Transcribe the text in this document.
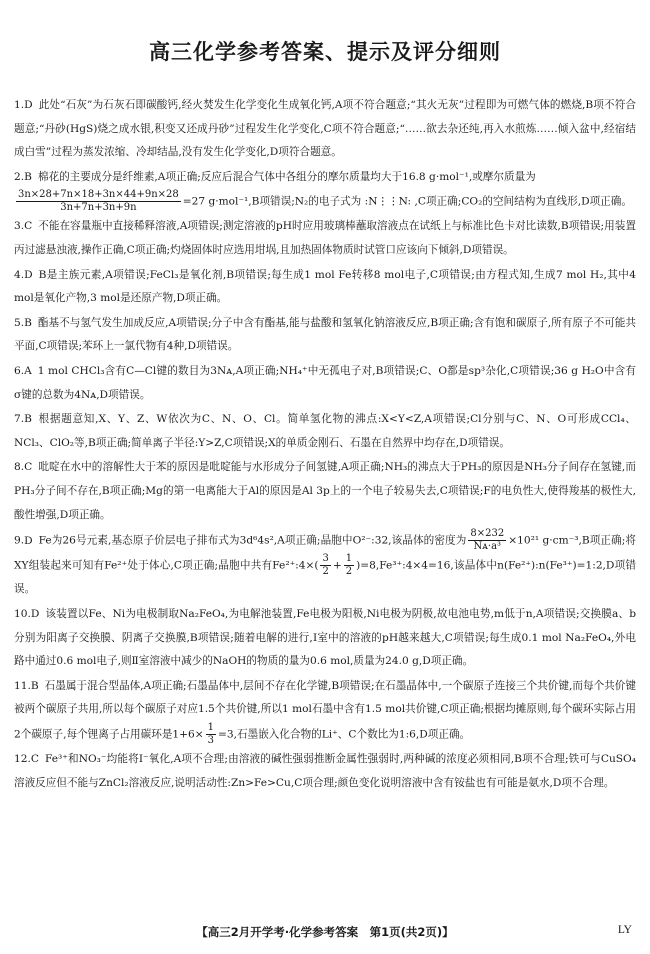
高三化学参考答案、提示及评分细则
1.D 此处“石灰”为石灰石即碳酸钙,经火焚发生化学变化生成氧化钙,A项不符合题意;“其火无灰”过程即为可燃气体的燃烧,B项不符合题意;“丹砂(HgS)烧之成水银,积变又还成丹砂”过程发生化学变化,C项不符合题意;“……欲去杂还纯,再入水煎炼……倾入盆中,经宿结成白雪”过程为蒸发浓缩、冷却结晶,没有发生化学变化,D项符合题意。
2.B 棉花的主要成分是纤维素,A项正确;反应后混合气体中各组分的摩尔质量均大于16.8 g·mol⁻¹,或摩尔质量为

$\frac{3n\times 28+7n\times 18+3n\times 44+9n\times 28}{3n+7n+3n+9n} =27$ g·mol⁻¹,B项错误;N₂的电子式为 :N⋮⋮N: ,C项正确;CO₂的空间结构为直线形,D项正确。
3.C 不能在容量瓶中直接稀释溶液,A项错误;测定溶液的pH时应用玻璃棒蘸取溶液点在试纸上与标准比色卡对比读数,B项错误;用装置丙过滤悬浊液,操作正确,C项正确;灼烧固体时应选用坩埚,且加热固体物质时试管口应该向下倾斜,D项错误。
4.D B是主族元素,A项错误;FeCl₃是氧化剂,B项错误;每生成1 mol Fe转移8 mol电子,C项错误;由方程式知,生成7 mol H₂,其中4 mol是氧化产物,3 mol是还原产物,D项正确。
5.B 酯基不与氢气发生加成反应,A项错误;分子中含有酯基,能与盐酸和氢氧化钠溶液反应,B项正确;含有饱和碳原子,所有原子不可能共平面,C项错误;苯环上一氯代物有4种,D项错误。
6.A 1 mol CHCl₃含有C—Cl键的数目为3Nᴀ,A项正确;NH₄⁺中无孤电子对,B项错误;C、O都是sp³杂化,C项错误;36 g H₂O中含有σ键的总数为4Nᴀ,D项错误。
7.B 根据题意知,X、Y、Z、W依次为C、N、O、Cl。简单氢化物的沸点:X<Y<Z,A项错误;Cl分别与C、N、O可形成CCl₄、NCl₃、ClO₂等,B项正确;简单离子半径:Y>Z,C项错误;X的单质金刚石、石墨在自然界中均存在,D项错误。
8.C 吡啶在水中的溶解性大于苯的原因是吡啶能与水形成分子间氢键,A项正确;NH₃的沸点大于PH₃的原因是NH₃分子间存在氢键,而PH₃分子间不存在,B项正确;Mg的第一电离能大于Al的原因是Al 3p上的一个电子较易失去,C项错误;F的电负性大,使得羧基的极性大,酸性增强,D项正确。
9.D Fe为26号元素,基态原子价层电子排布式为3d⁶4s²,A项正确;晶胞中O²⁻:32,该晶体的密度为 $\frac{8\times 232}{\text{Nᴀ·a³}} \times 10^{21}$ g·cm⁻³,B项正确;将XY组装起来可知有Fe²⁺处于体心,C项正确;晶胞中共有Fe²⁺:4×( $\frac{3}{2} + \frac{1}{2}$ )=8,Fe³⁺:4×4=16,该晶体中n(Fe²⁺):n(Fe³⁺)=1:2,D项错误。
10.D 该装置以Fe、Ni为电极制取Na₂FeO₄,为电解池装置,Fe电极为阳极,Ni电极为阴极,故电池电势,m低于n,A项错误;交换膜a、b分别为阳离子交换膜、阴离子交换膜,B项错误;随着电解的进行,Ⅰ室中的溶液的pH越来越大,C项错误;每生成0.1 mol Na₂FeO₄,外电路中通过0.6 mol电子,则Ⅱ室溶液中减少的NaOH的物质的量为0.6 mol,质量为24.0 g,D项正确。
11.B 石墨属于混合型晶体,A项正确;石墨晶体中,层间不存在化学键,B项错误;在石墨晶体中,一个碳原子连接三个共价键,而每个共价键被两个碳原子共用,所以每个碳原子对应1.5个共价键,所以1 mol石墨中含有1.5 mol共价键,C项正确;根据均摊原则,每个碳环实际占用2个碳原子,每个锂离子占用碳环是$1+6\times \frac{1}{3} =3$,石墨嵌入化合物的Li⁺、C个数比为1:6,D项正确。
12.C Fe³⁺和NO₃⁻均能将I⁻氧化,A项不合理;由溶液的碱性强弱推断金属性强弱时,两种碱的浓度必须相同,B项不合理;铁可与CuSO₄溶液反应但不能与ZnCl₂溶液反应,说明活动性:Zn>Fe>Cu,C项合理;颜色变化说明溶液中含有铵盐也有可能是氨水,D项不合理。
【高三2月开学考·化学参考答案　第1页(共2页)】	LY
